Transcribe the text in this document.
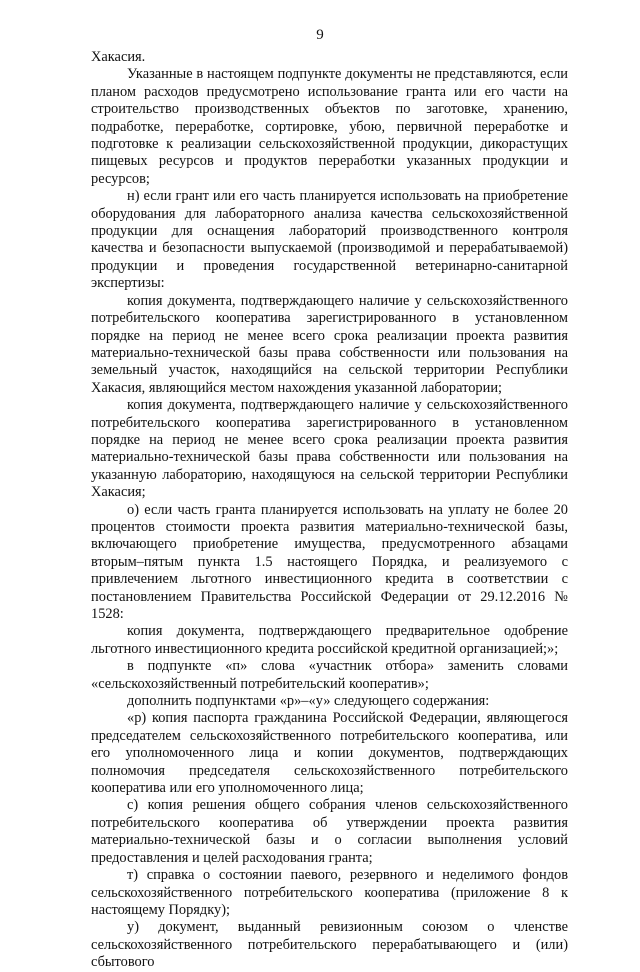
9

Хакасия.

Указанные в настоящем подпункте документы не представляются, если планом расходов предусмотрено использование гранта или его части на строительство производственных объектов по заготовке, хранению, подработке, переработке, сортировке, убою, первичной переработке и подготовке к реализации сельскохозяйственной продукции, дикорастущих пищевых ресурсов и продуктов переработки указанных продукции и ресурсов;

н) если грант или его часть планируется использовать на приобретение оборудования для лабораторного анализа качества сельскохозяйственной продукции для оснащения лабораторий производственного контроля качества и безопасности выпускаемой (производимой и перерабатываемой) продукции и проведения государственной ветеринарно-санитарной экспертизы:

копия документа, подтверждающего наличие у сельскохозяйственного потребительского кооператива зарегистрированного в установленном порядке на период не менее всего срока реализации проекта развития материально-технической базы права собственности или пользования на земельный участок, находящийся на сельской территории Республики Хакасия, являющийся местом нахождения указанной лаборатории;

копия документа, подтверждающего наличие у сельскохозяйственного потребительского кооператива зарегистрированного в установленном порядке на период не менее всего срока реализации проекта развития материально-технической базы права собственности или пользования на указанную лабораторию, находящуюся на сельской территории Республики Хакасия;

о) если часть гранта планируется использовать на уплату не более 20 процентов стоимости проекта развития материально-технической базы, включающего приобретение имущества, предусмотренного абзацами вторым–пятым пункта 1.5 настоящего Порядка, и реализуемого с привлечением льготного инвестиционного кредита в соответствии с постановлением Правительства Российской Федерации от 29.12.2016 № 1528:

копия документа, подтверждающего предварительное одобрение льготного инвестиционного кредита российской кредитной организацией;»;

в подпункте «п» слова «участник отбора» заменить словами «сельскохозяйственный потребительский кооператив»;

дополнить подпунктами «р»–«у» следующего содержания:

«р) копия паспорта гражданина Российской Федерации, являющегося председателем сельскохозяйственного потребительского кооператива, или его уполномоченного лица и копии документов, подтверждающих полномочия председателя сельскохозяйственного потребительского кооператива или его уполномоченного лица;

с) копия решения общего собрания членов сельскохозяйственного потребительского кооператива об утверждении проекта развития материально-технической базы и о согласии выполнения условий предоставления и целей расходования гранта;

т) справка о состоянии паевого, резервного и неделимого фондов сельскохозяйственного потребительского кооператива (приложение 8 к настоящему Порядку);

у) документ, выданный ревизионным союзом о членстве сельскохозяйственного потребительского перерабатывающего и (или) сбытового
